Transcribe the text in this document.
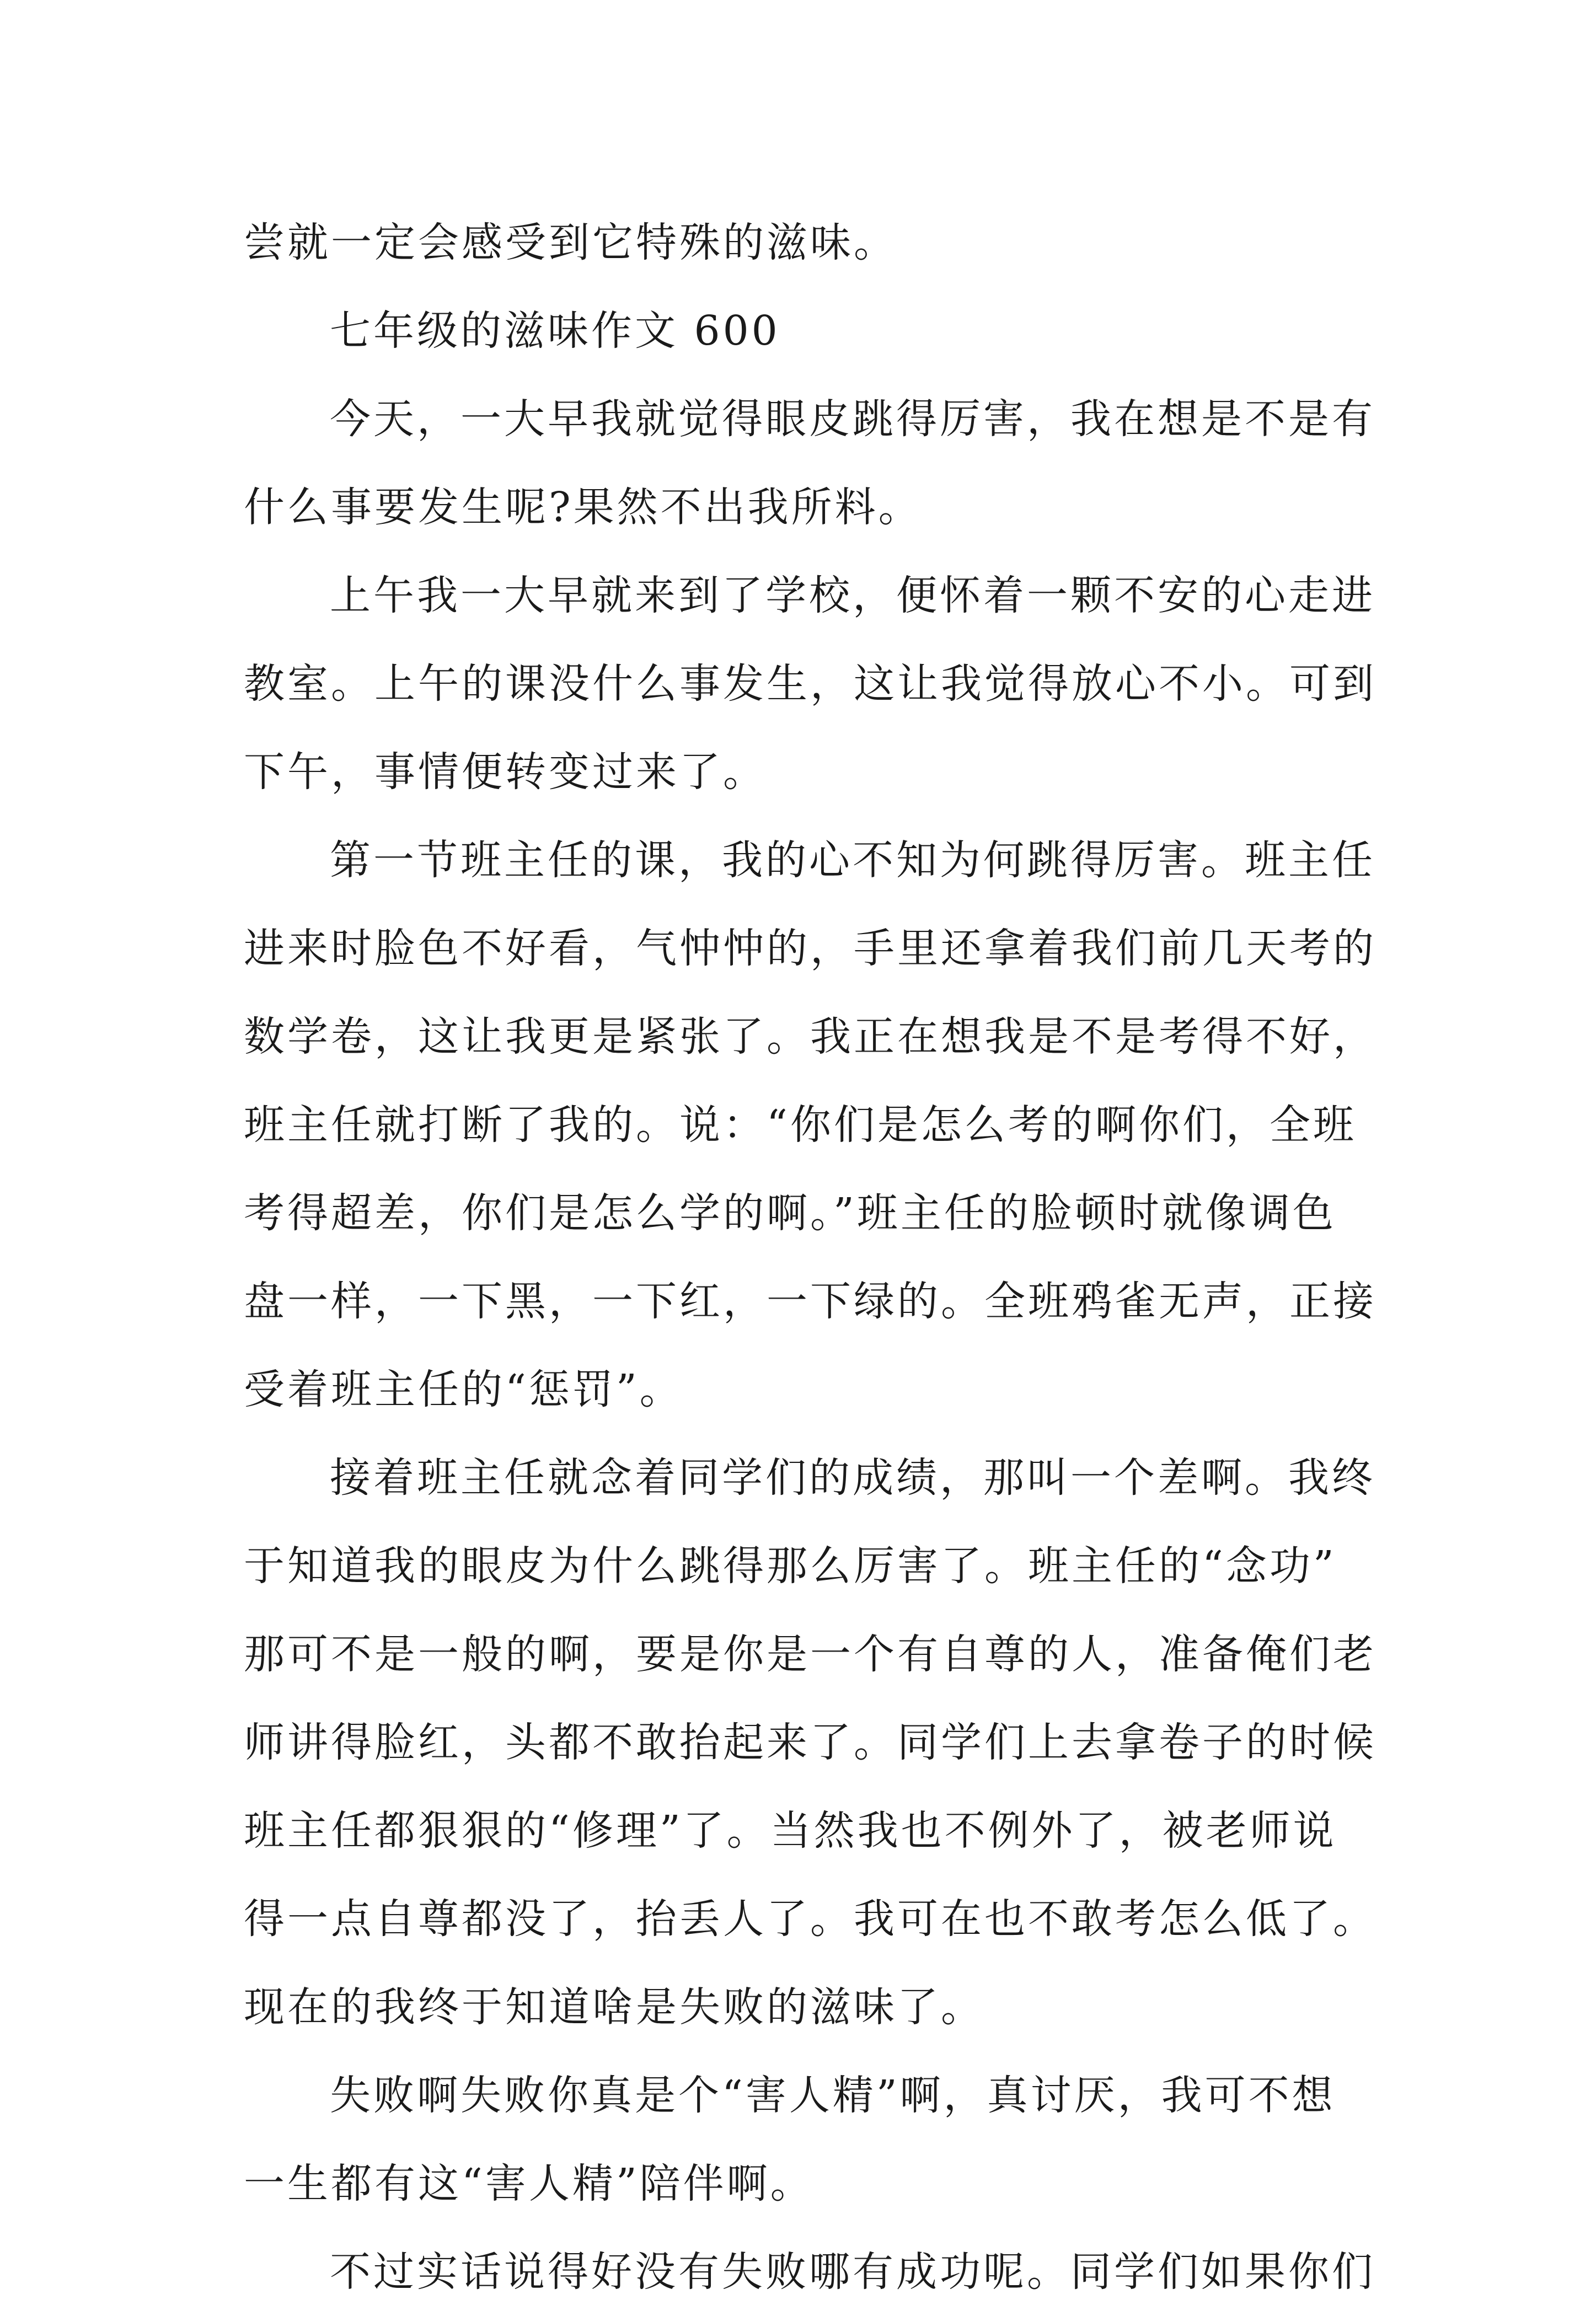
尝就一定会感受到它特殊的滋味。
七年级的滋味作文 600
今天，一大早我就觉得眼皮跳得厉害，我在想是不是有
什么事要发生呢?果然不出我所料。
上午我一大早就来到了学校，便怀着一颗不安的心走进
教室。上午的课没什么事发生，这让我觉得放心不小。可到
下午，事情便转变过来了。
第一节班主任的课，我的心不知为何跳得厉害。班主任
进来时脸色不好看，气忡忡的，手里还拿着我们前几天考的
数学卷，这让我更是紧张了。我正在想我是不是考得不好，
班主任就打断了我的。说：“你们是怎么考的啊你们，全班
考得超差，你们是怎么学的啊。”班主任的脸顿时就像调色
盘一样，一下黑，一下红，一下绿的。全班鸦雀无声，正接
受着班主任的“惩罚”。
接着班主任就念着同学们的成绩，那叫一个差啊。我终
于知道我的眼皮为什么跳得那么厉害了。班主任的“念功”
那可不是一般的啊，要是你是一个有自尊的人，准备俺们老
师讲得脸红，头都不敢抬起来了。同学们上去拿卷子的时候
班主任都狠狠的“修理”了。当然我也不例外了，被老师说
得一点自尊都没了，抬丢人了。我可在也不敢考怎么低了。
现在的我终于知道啥是失败的滋味了。
失败啊失败你真是个“害人精”啊，真讨厌，我可不想
一生都有这“害人精”陪伴啊。
不过实话说得好没有失败哪有成功呢。同学们如果你们
